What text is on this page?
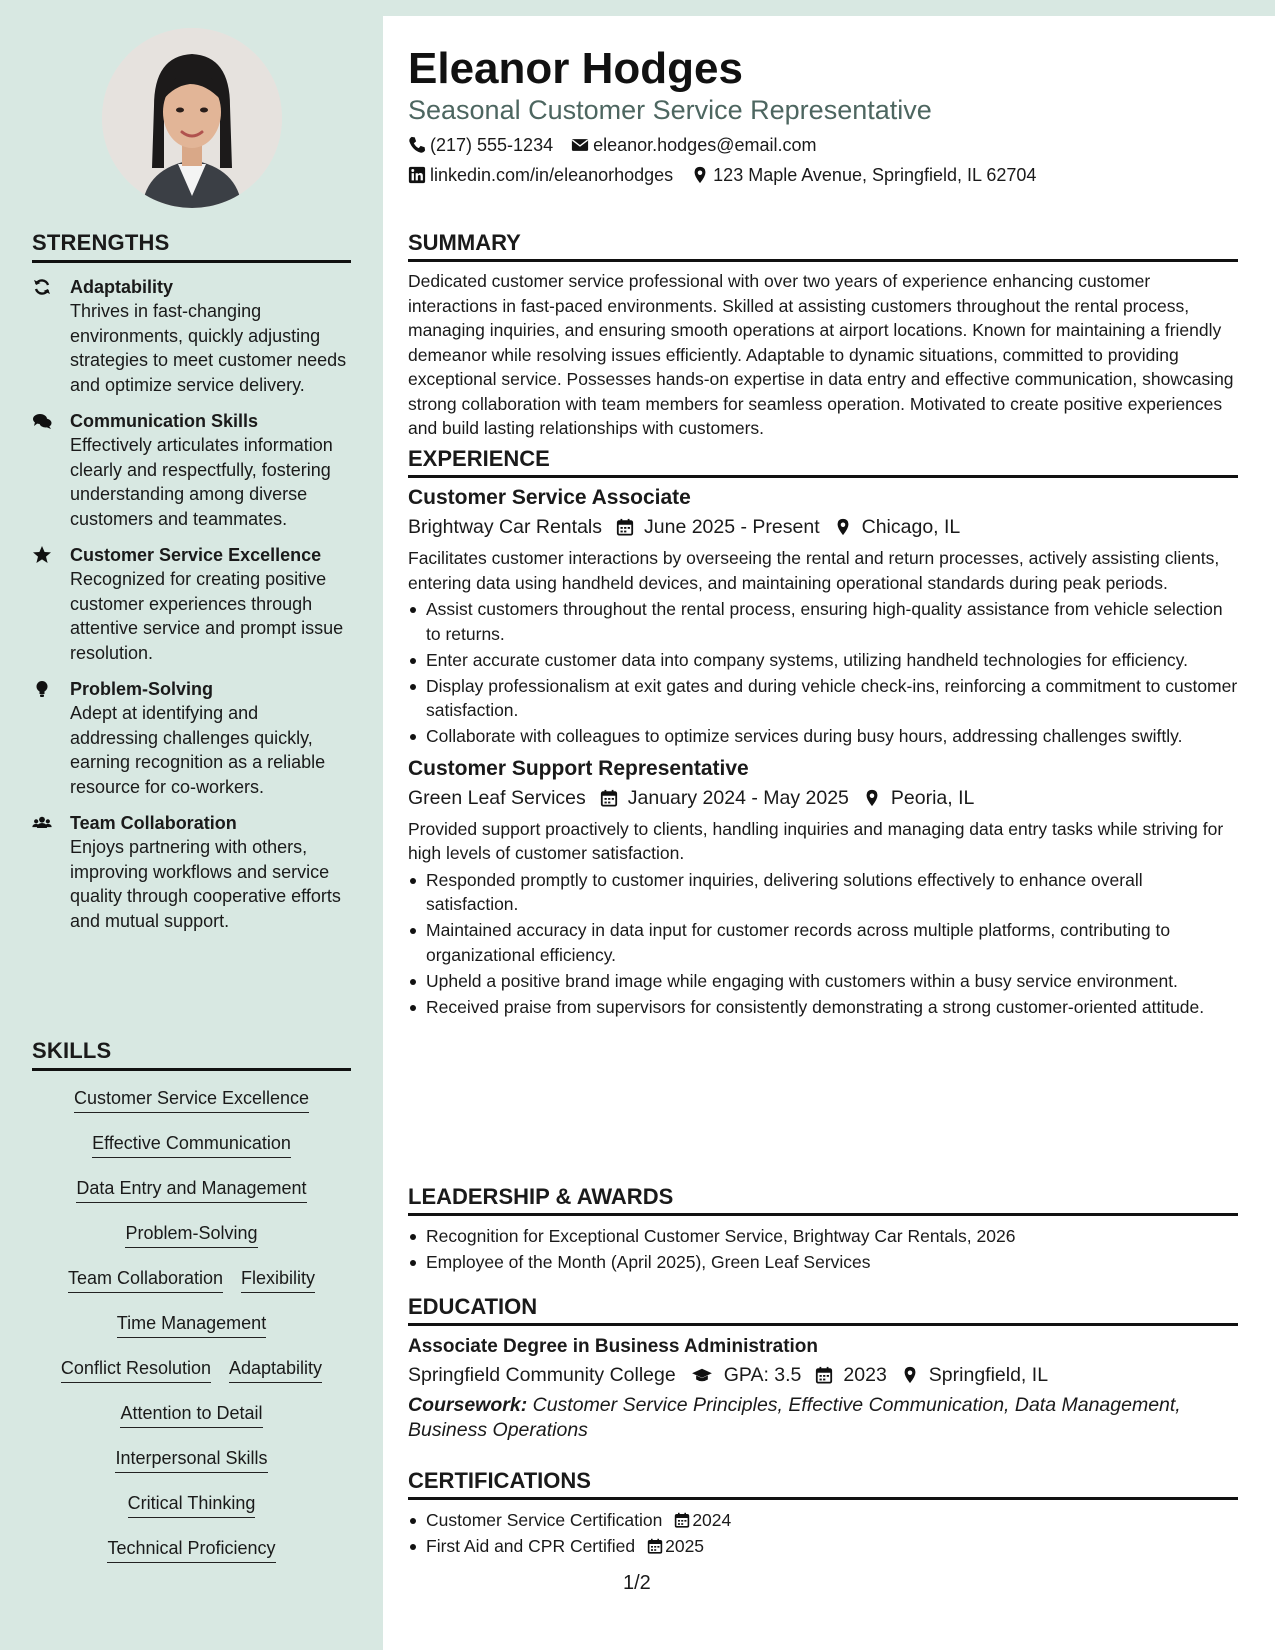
STRENGTHS
Adaptability
Thrives in fast-changing environments, quickly adjusting strategies to meet customer needs and optimize service delivery.
Communication Skills
Effectively articulates information clearly and respectfully, fostering understanding among diverse customers and teammates.
Customer Service Excellence
Recognized for creating positive customer experiences through attentive service and prompt issue resolution.
Problem-Solving
Adept at identifying and addressing challenges quickly, earning recognition as a reliable resource for co-workers.
Team Collaboration
Enjoys partnering with others, improving workflows and service quality through cooperative efforts and mutual support.
SKILLS
Customer Service Excellence
Effective Communication
Data Entry and Management
Problem-Solving
Team Collaboration Flexibility
Time Management
Conflict Resolution Adaptability
Attention to Detail
Interpersonal Skills
Critical Thinking
Technical Proficiency
Eleanor Hodges
Seasonal Customer Service Representative
(217) 555-1234 eleanor.hodges@email.com
linkedin.com/in/eleanorhodges 123 Maple Avenue, Springfield, IL 62704
SUMMARY
Dedicated customer service professional with over two years of experience enhancing customer interactions in fast-paced environments. Skilled at assisting customers throughout the rental process, managing inquiries, and ensuring smooth operations at airport locations. Known for maintaining a friendly demeanor while resolving issues efficiently. Adaptable to dynamic situations, committed to providing exceptional service. Possesses hands-on expertise in data entry and effective communication, showcasing strong collaboration with team members for seamless operation. Motivated to create positive experiences and build lasting relationships with customers.
EXPERIENCE
Customer Service Associate
Brightway Car Rentals June 2025 - Present Chicago, IL
Facilitates customer interactions by overseeing the rental and return processes, actively assisting clients, entering data using handheld devices, and maintaining operational standards during peak periods.
Assist customers throughout the rental process, ensuring high-quality assistance from vehicle selection to returns.
Enter accurate customer data into company systems, utilizing handheld technologies for efficiency.
Display professionalism at exit gates and during vehicle check-ins, reinforcing a commitment to customer satisfaction.
Collaborate with colleagues to optimize services during busy hours, addressing challenges swiftly.
Customer Support Representative
Green Leaf Services January 2024 - May 2025 Peoria, IL
Provided support proactively to clients, handling inquiries and managing data entry tasks while striving for high levels of customer satisfaction.
Responded promptly to customer inquiries, delivering solutions effectively to enhance overall satisfaction.
Maintained accuracy in data input for customer records across multiple platforms, contributing to organizational efficiency.
Upheld a positive brand image while engaging with customers within a busy service environment.
Received praise from supervisors for consistently demonstrating a strong customer-oriented attitude.
LEADERSHIP & AWARDS
Recognition for Exceptional Customer Service, Brightway Car Rentals, 2026
Employee of the Month (April 2025), Green Leaf Services
EDUCATION
Associate Degree in Business Administration
Springfield Community College GPA: 3.5 2023 Springfield, IL
Coursework: Customer Service Principles, Effective Communication, Data Management, Business Operations
CERTIFICATIONS
Customer Service Certification 2024
First Aid and CPR Certified 2025
1/2
